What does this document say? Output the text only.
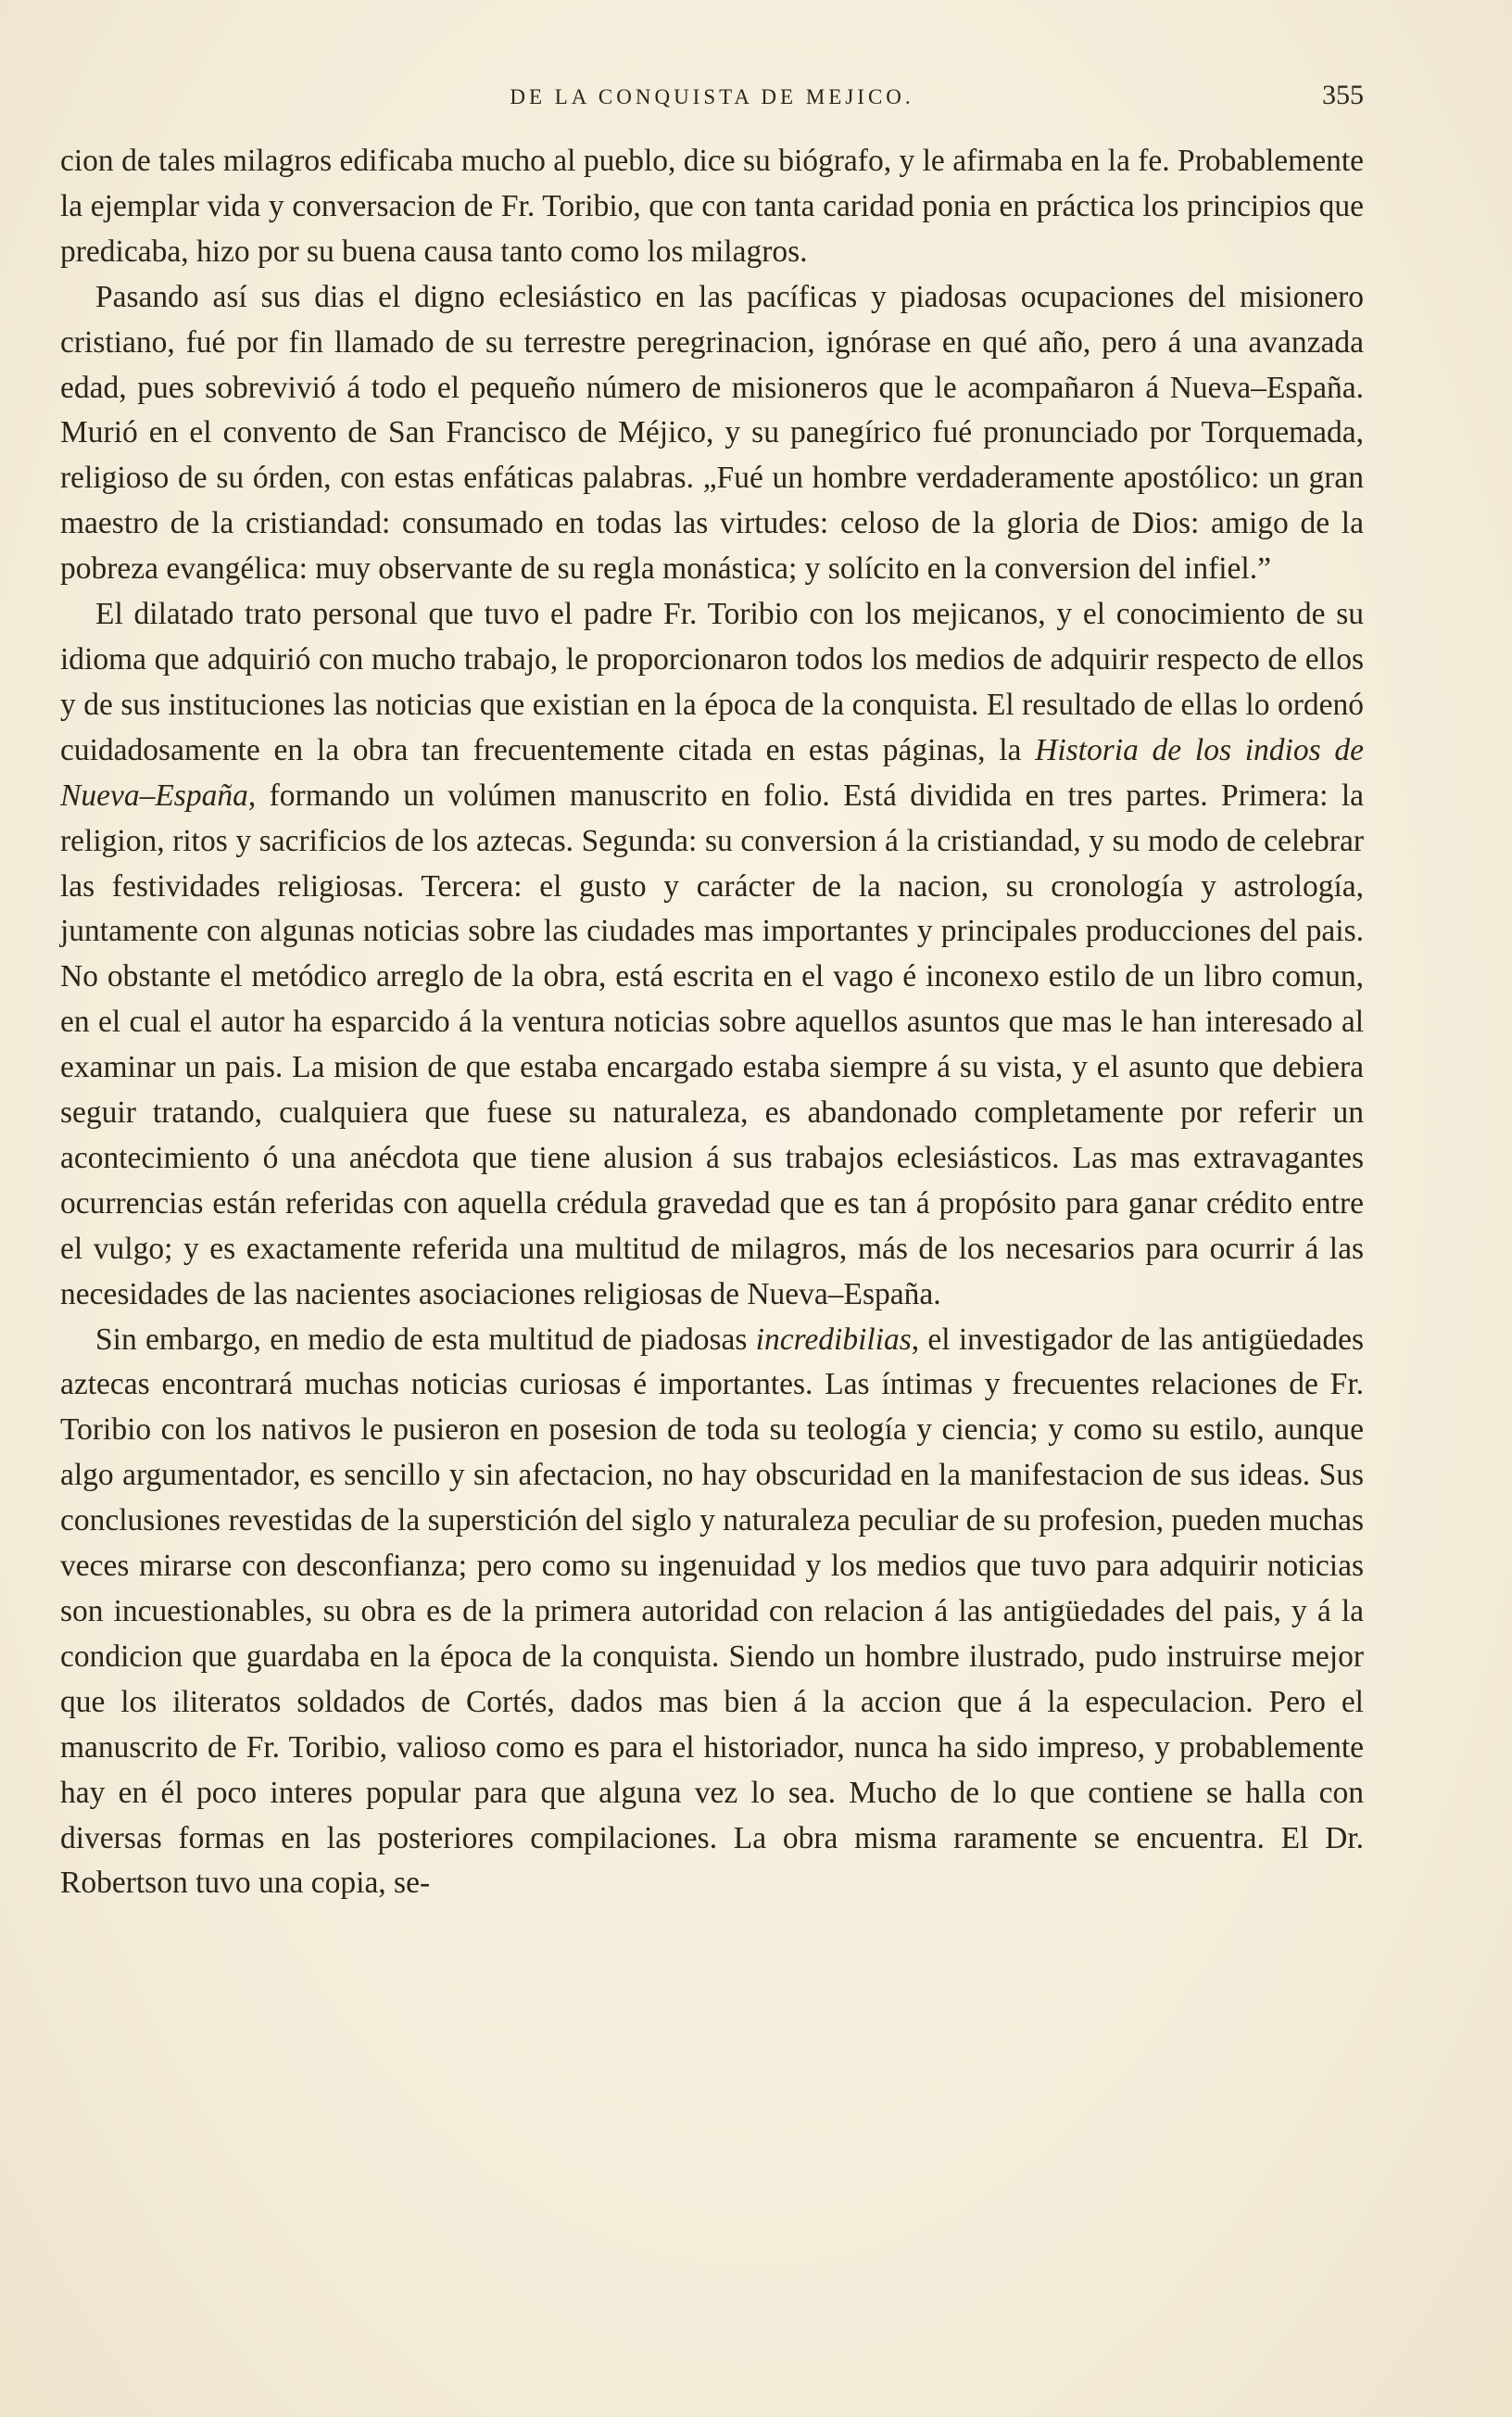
DE LA CONQUISTA DE MEJICO.	355

cion de tales milagros edificaba mucho al pueblo, dice su biógrafo, y le afirmaba en la fe. Probablemente la ejemplar vida y conversacion de Fr. Toribio, que con tanta caridad ponia en práctica los principios que predicaba, hizo por su buena causa tanto como los milagros.

Pasando así sus dias el digno eclesiástico en las pacíficas y piadosas ocupaciones del misionero cristiano, fué por fin llamado de su terrestre peregrinacion, ignórase en qué año, pero á una avanzada edad, pues sobrevivió á todo el pequeño número de misioneros que le acompañaron á Nueva–España. Murió en el convento de San Francisco de Méjico, y su panegírico fué pronunciado por Torquemada, religioso de su órden, con estas enfáticas palabras. „Fué un hombre verdaderamente apostólico: un gran maestro de la cristiandad: consumado en todas las virtudes: celoso de la gloria de Dios: amigo de la pobreza evangélica: muy observante de su regla monástica; y solícito en la conversion del infiel.”

El dilatado trato personal que tuvo el padre Fr. Toribio con los mejicanos, y el conocimiento de su idioma que adquirió con mucho trabajo, le proporcionaron todos los medios de adquirir respecto de ellos y de sus instituciones las noticias que existian en la época de la conquista. El resultado de ellas lo ordenó cuidadosamente en la obra tan frecuentemente citada en estas páginas, la Historia de los indios de Nueva–España, formando un volúmen manuscrito en folio. Está dividida en tres partes. Primera: la religion, ritos y sacrificios de los aztecas. Segunda: su conversion á la cristiandad, y su modo de celebrar las festividades religiosas. Tercera: el gusto y carácter de la nacion, su cronología y astrología, juntamente con algunas noticias sobre las ciudades mas importantes y principales producciones del pais. No obstante el metódico arreglo de la obra, está escrita en el vago é inconexo estilo de un libro comun, en el cual el autor ha esparcido á la ventura noticias sobre aquellos asuntos que mas le han interesado al examinar un pais. La mision de que estaba encargado estaba siempre á su vista, y el asunto que debiera seguir tratando, cualquiera que fuese su naturaleza, es abandonado completamente por referir un acontecimiento ó una anécdota que tiene alusion á sus trabajos eclesiásticos. Las mas extravagantes ocurrencias están referidas con aquella crédula gravedad que es tan á propósito para ganar crédito entre el vulgo; y es exactamente referida una multitud de milagros, más de los necesarios para ocurrir á las necesidades de las nacientes asociaciones religiosas de Nueva–España.

Sin embargo, en medio de esta multitud de piadosas incredibilias, el investigador de las antigüedades aztecas encontrará muchas noticias curiosas é importantes. Las íntimas y frecuentes relaciones de Fr. Toribio con los nativos le pusieron en posesion de toda su teología y ciencia; y como su estilo, aunque algo argumentador, es sencillo y sin afectacion, no hay obscuridad en la manifestacion de sus ideas. Sus conclusiones revestidas de la superstición del siglo y naturaleza peculiar de su profesion, pueden muchas veces mirarse con desconfianza; pero como su ingenuidad y los medios que tuvo para adquirir noticias son incuestionables, su obra es de la primera autoridad con relacion á las antigüedades del pais, y á la condicion que guardaba en la época de la conquista. Siendo un hombre ilustrado, pudo instruirse mejor que los iliteratos soldados de Cortés, dados mas bien á la accion que á la especulacion. Pero el manuscrito de Fr. Toribio, valioso como es para el historiador, nunca ha sido impreso, y probablemente hay en él poco interes popular para que alguna vez lo sea. Mucho de lo que contiene se halla con diversas formas en las posteriores compilaciones. La obra misma raramente se encuentra. El Dr. Robertson tuvo una copia, se-
